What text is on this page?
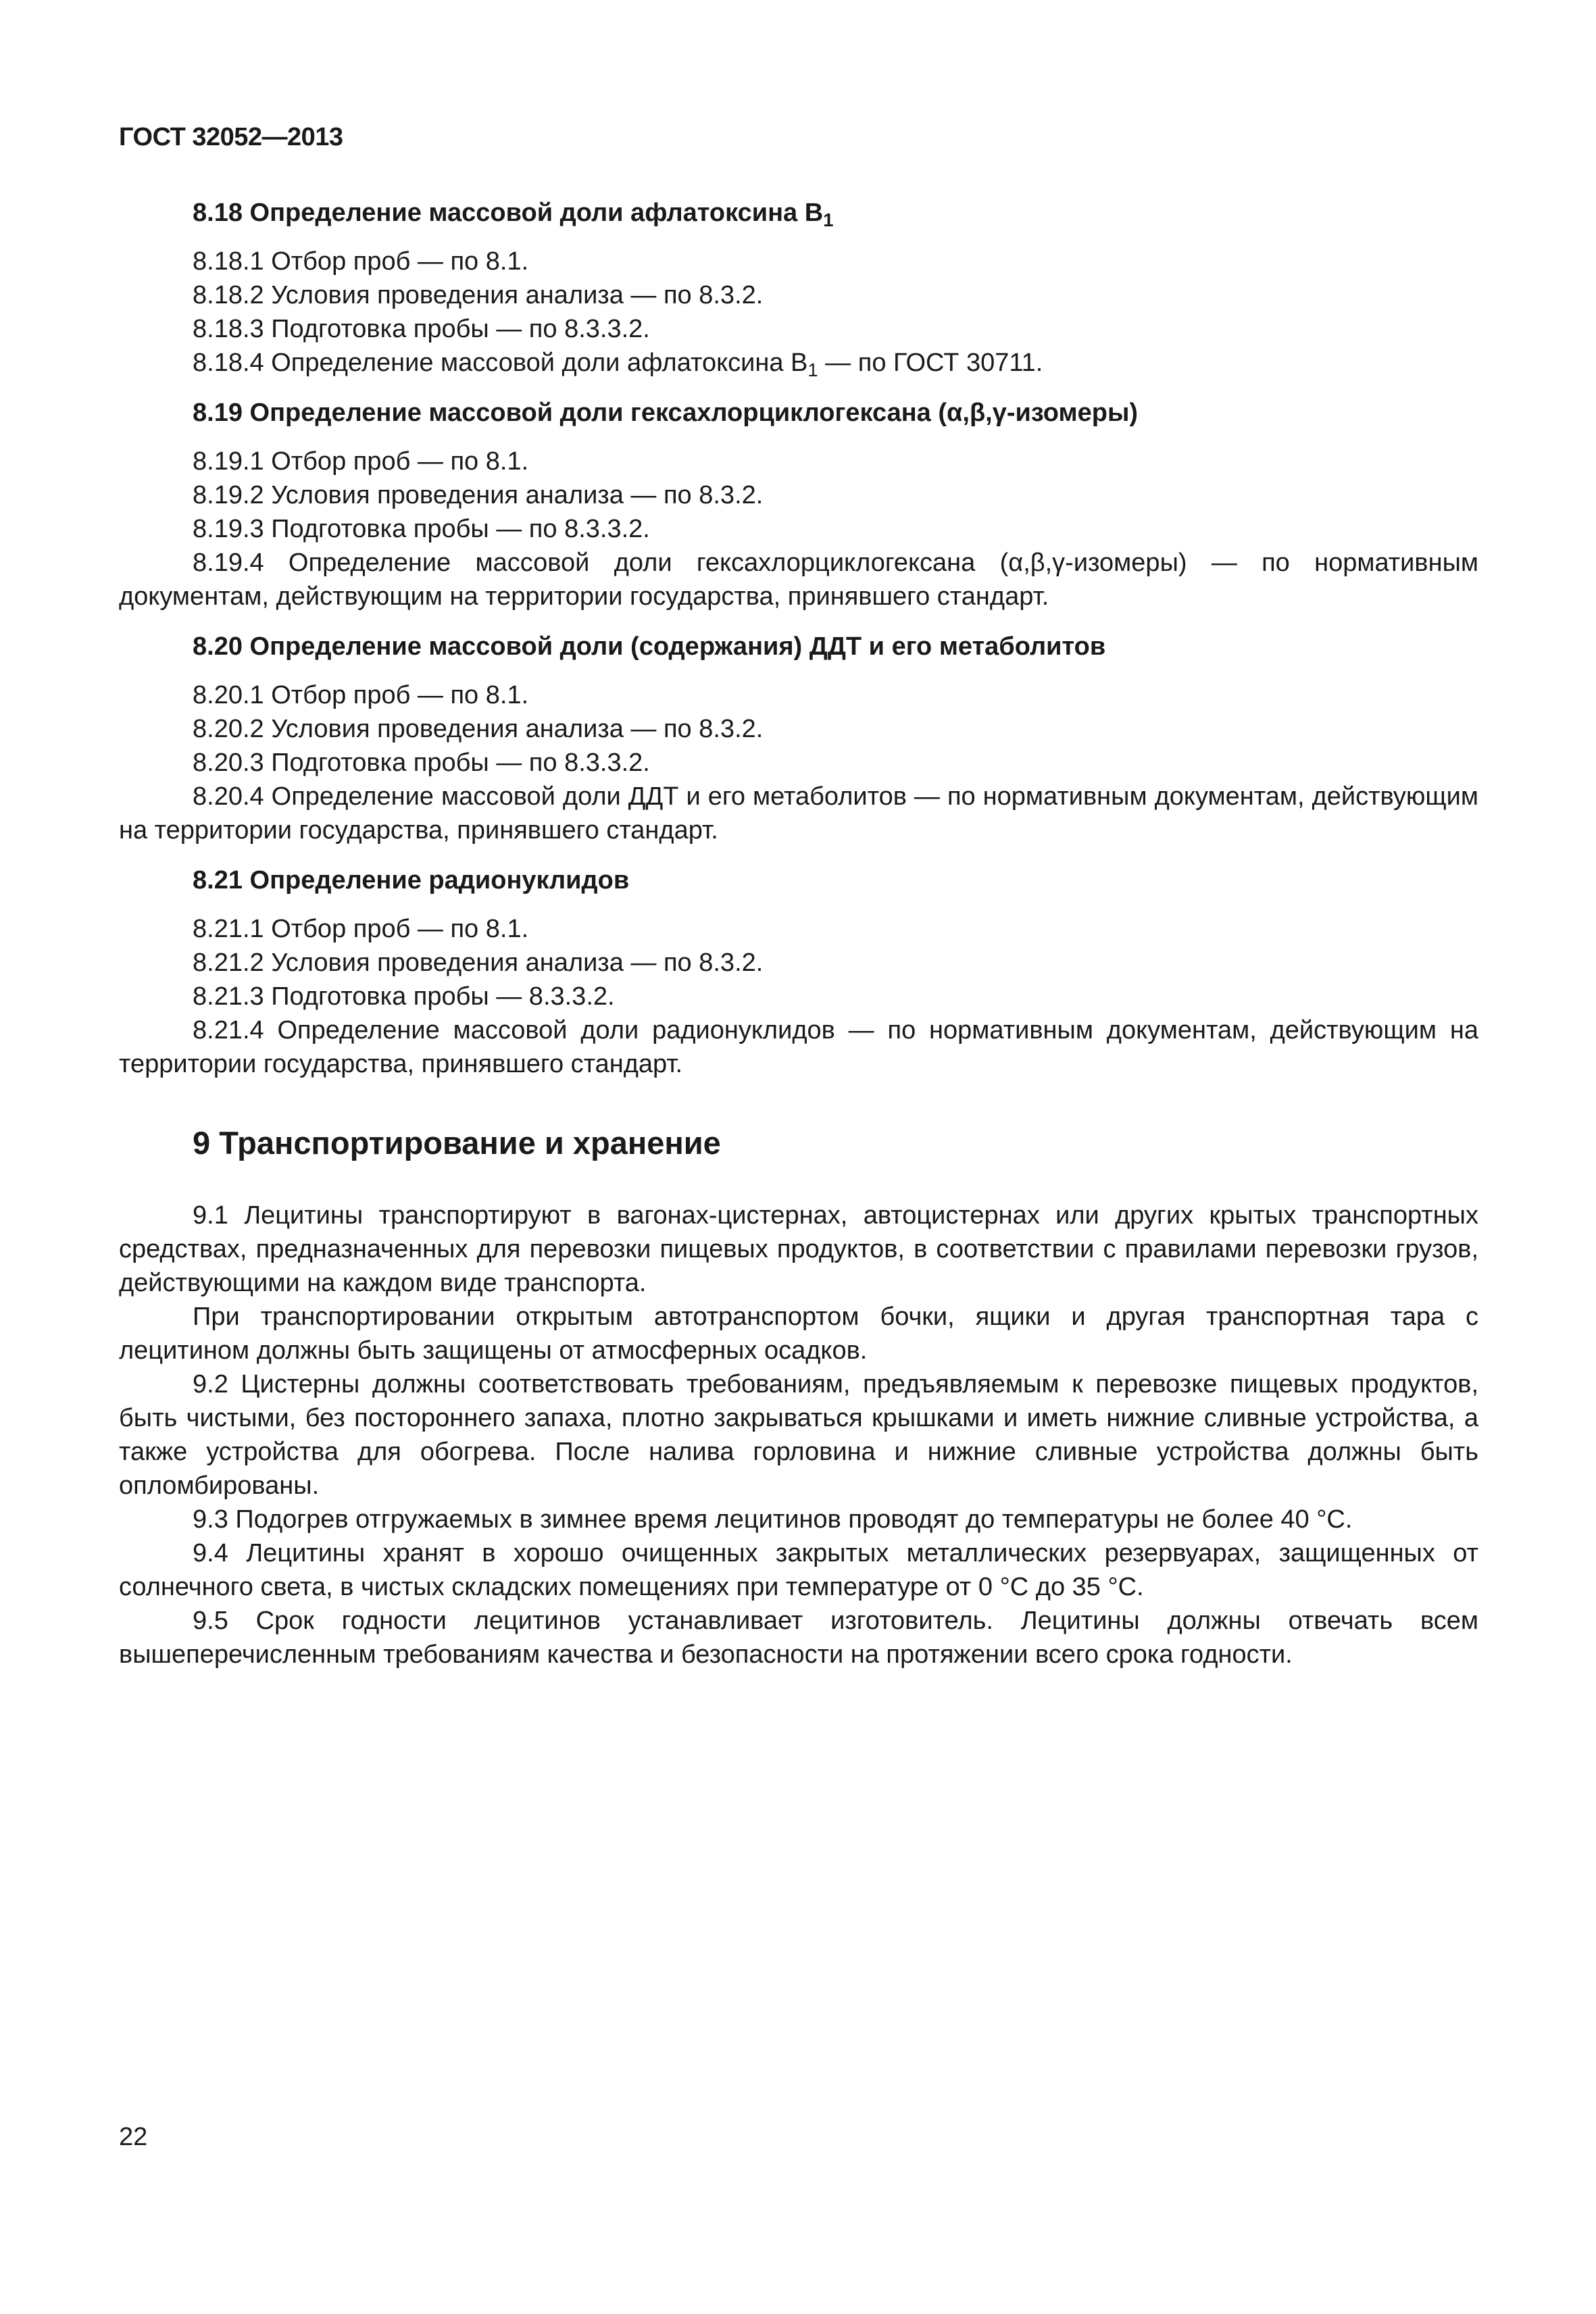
ГОСТ 32052—2013
8.18 Определение массовой доли афлатоксина $B_1$

8.18.1 Отбор проб — по 8.1.

8.18.2 Условия проведения анализа — по 8.3.2.

8.18.3 Подготовка пробы — по 8.3.3.2.

8.18.4 Определение массовой доли афлатоксина $B_1$ — по ГОСТ 30711.

8.19 Определение массовой доли гексахлорциклогексана (α,β,γ-изомеры)

8.19.1 Отбор проб — по 8.1.

8.19.2 Условия проведения анализа — по 8.3.2.

8.19.3 Подготовка пробы — по 8.3.3.2.

8.19.4 Определение массовой доли гексахлорциклогексана (α,β,γ-изомеры) — по нормативным документам, действующим на территории государства, принявшего стандарт.

8.20 Определение массовой доли (содержания) ДДТ и его метаболитов

8.20.1 Отбор проб — по 8.1.

8.20.2 Условия проведения анализа — по 8.3.2.

8.20.3 Подготовка пробы — по 8.3.3.2.

8.20.4 Определение массовой доли ДДТ и его метаболитов — по нормативным документам, действующим на территории государства, принявшего стандарт.

8.21 Определение радионуклидов

8.21.1 Отбор проб — по 8.1.

8.21.2 Условия проведения анализа — по 8.3.2.

8.21.3 Подготовка пробы — 8.3.3.2.

8.21.4 Определение массовой доли радионуклидов — по нормативным документам, действующим на территории государства, принявшего стандарт.

9 Транспортирование и хранение

9.1 Лецитины транспортируют в вагонах-цистернах, автоцистернах или других крытых транспортных средствах, предназначенных для перевозки пищевых продуктов, в соответствии с правилами перевозки грузов, действующими на каждом виде транспорта.

При транспортировании открытым автотранспортом бочки, ящики и другая транспортная тара с лецитином должны быть защищены от атмосферных осадков.

9.2 Цистерны должны соответствовать требованиям, предъявляемым к перевозке пищевых продуктов, быть чистыми, без постороннего запаха, плотно закрываться крышками и иметь нижние сливные устройства, а также устройства для обогрева. После налива горловина и нижние сливные устройства должны быть опломбированы.

9.3 Подогрев отгружаемых в зимнее время лецитинов проводят до температуры не более 40 °С.

9.4 Лецитины хранят в хорошо очищенных закрытых металлических резервуарах, защищенных от солнечного света, в чистых складских помещениях при температуре от 0 °С до 35 °С.

9.5 Срок годности лецитинов устанавливает изготовитель. Лецитины должны отвечать всем вышеперечисленным требованиям качества и безопасности на протяжении всего срока годности.

22
